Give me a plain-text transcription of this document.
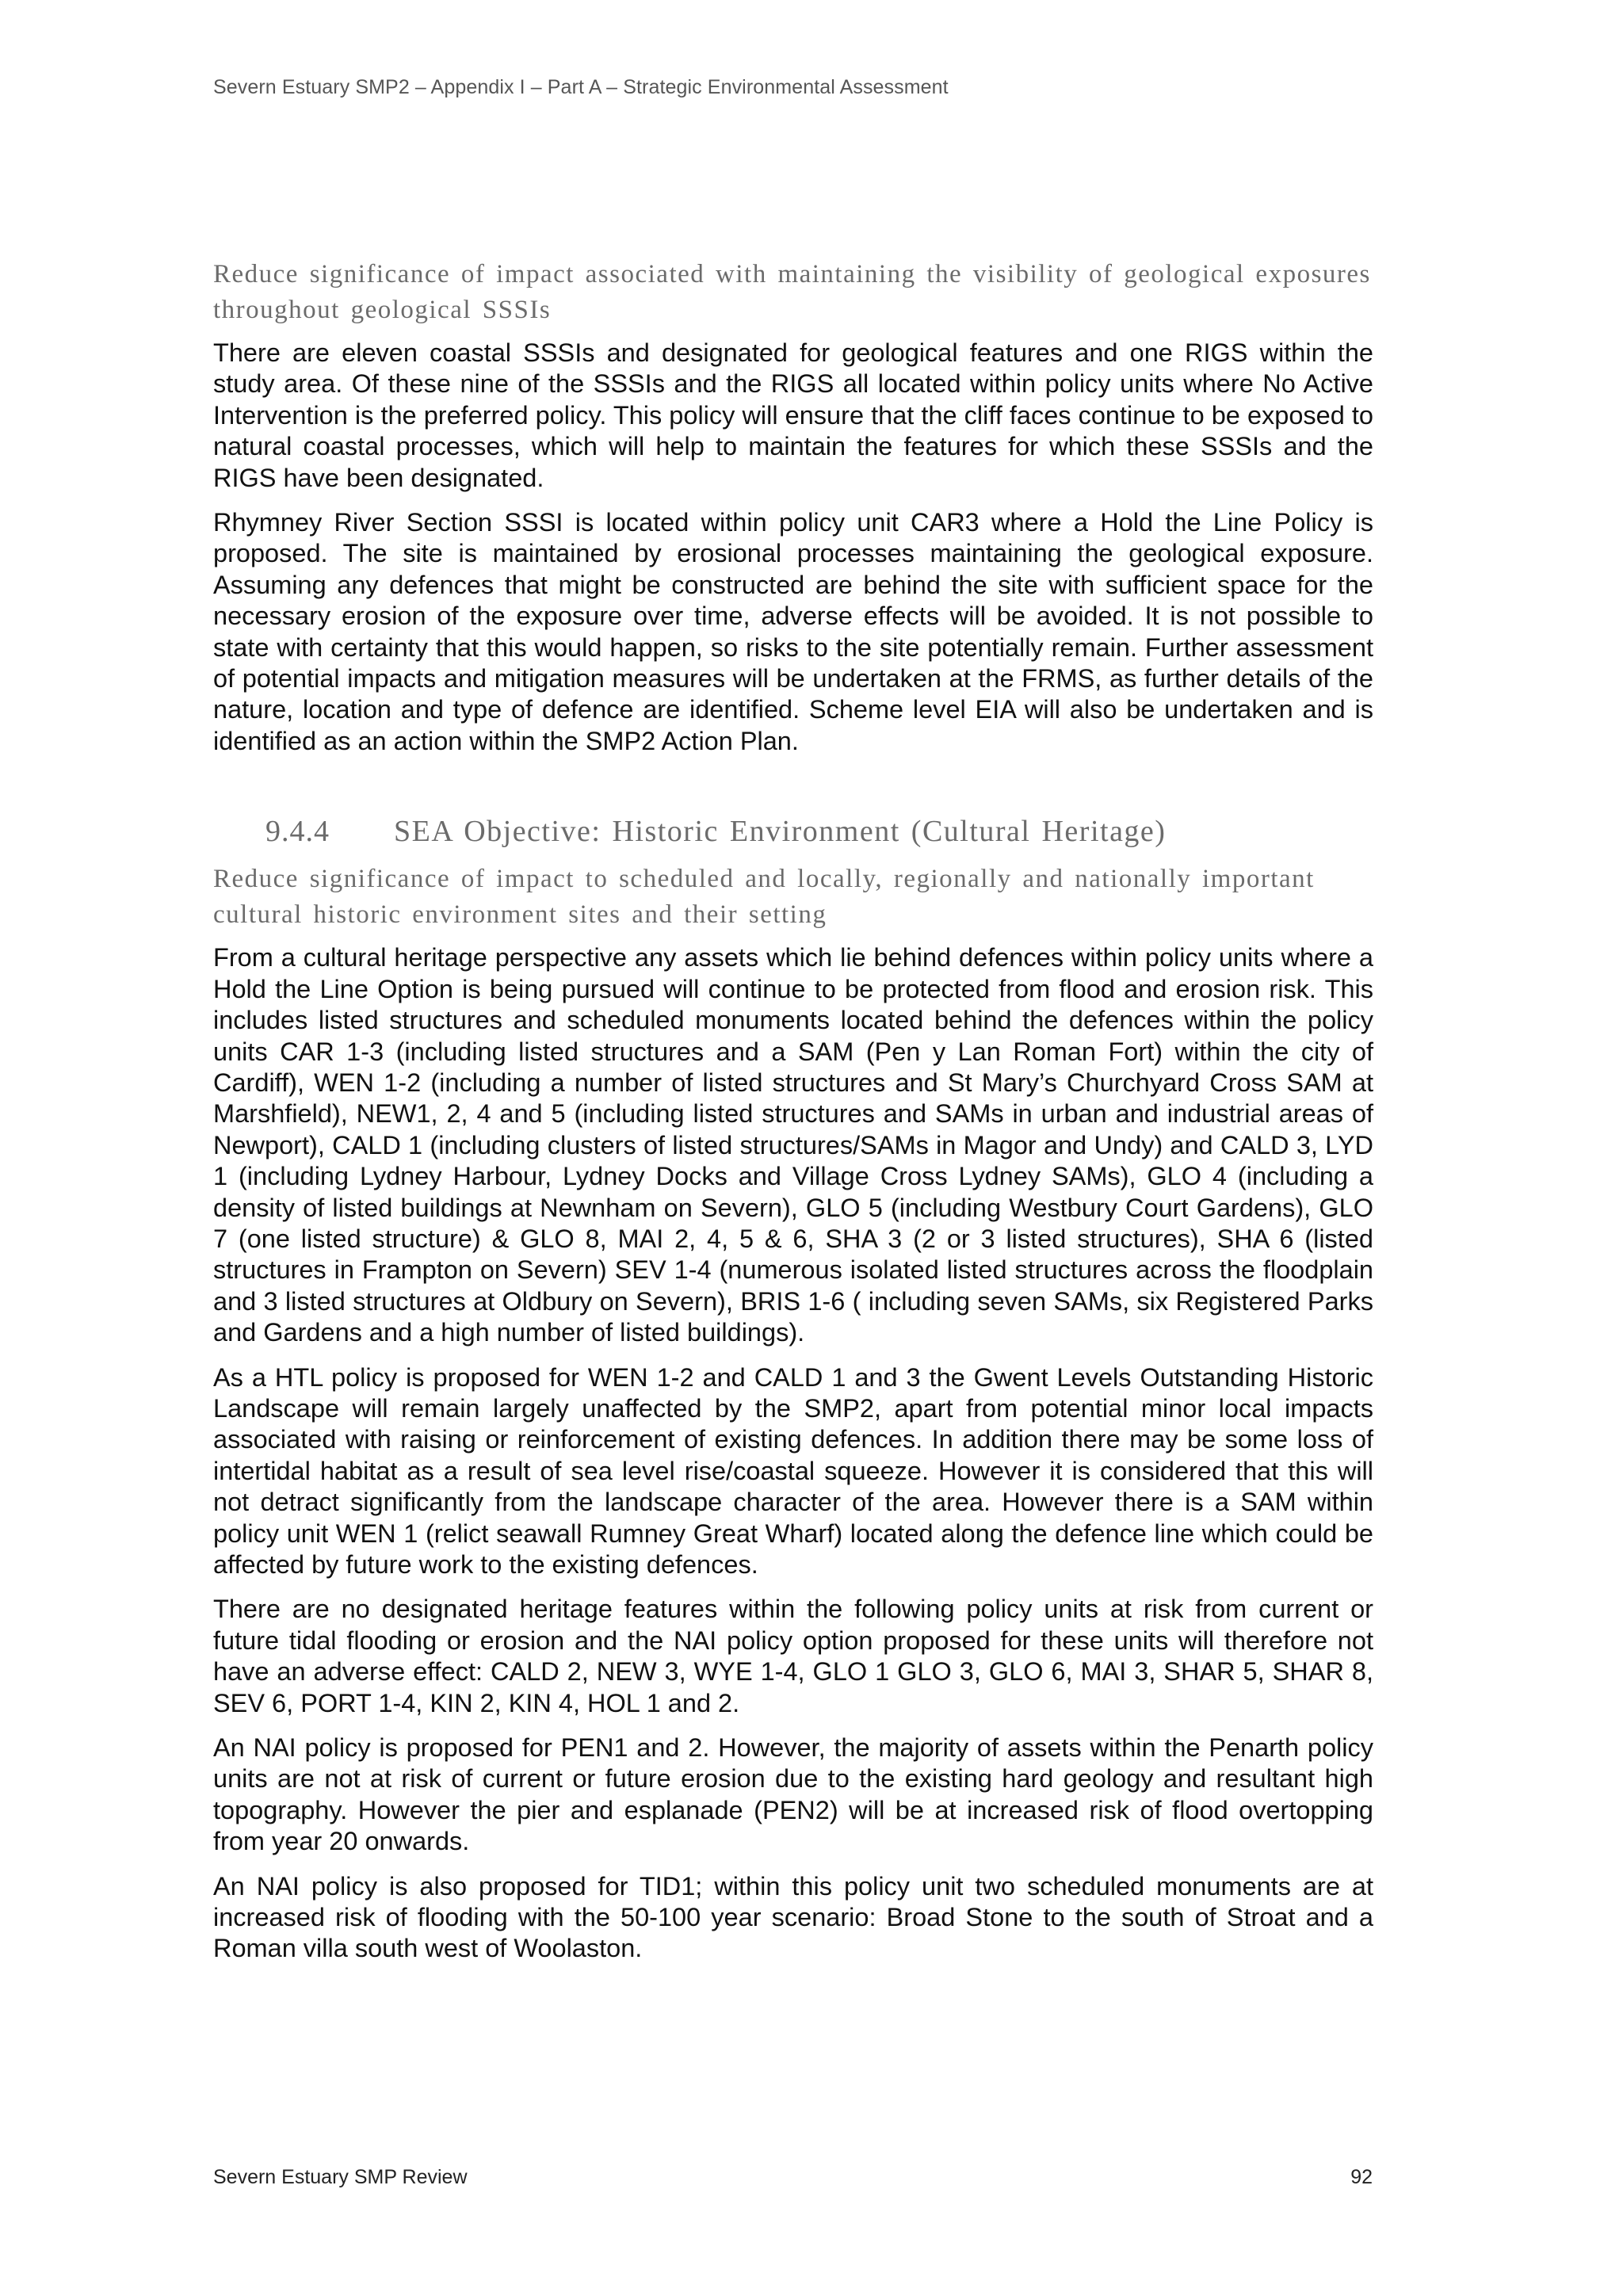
Severn Estuary SMP2 – Appendix I – Part A – Strategic Environmental Assessment
Reduce significance of impact associated with maintaining the visibility of geological exposures throughout geological SSSIs

There are eleven coastal SSSIs and designated for geological features and one RIGS within the study area. Of these nine of the SSSIs and the RIGS all located within policy units where No Active Intervention is the preferred policy. This policy will ensure that the cliff faces continue to be exposed to natural coastal processes, which will help to maintain the features for which these SSSIs and the RIGS have been designated.

Rhymney River Section SSSI is located within policy unit CAR3 where a Hold the Line Policy is proposed. The site is maintained by erosional processes maintaining the geological exposure. Assuming any defences that might be constructed are behind the site with sufficient space for the necessary erosion of the exposure over time, adverse effects will be avoided. It is not possible to state with certainty that this would happen, so risks to the site potentially remain. Further assessment of potential impacts and mitigation measures will be undertaken at the FRMS, as further details of the nature, location and type of defence are identified. Scheme level EIA will also be undertaken and is identified as an action within the SMP2 Action Plan.

9.4.4 SEA Objective: Historic Environment (Cultural Heritage)
Reduce significance of impact to scheduled and locally, regionally and nationally important cultural historic environment sites and their setting

From a cultural heritage perspective any assets which lie behind defences within policy units where a Hold the Line Option is being pursued will continue to be protected from flood and erosion risk. This includes listed structures and scheduled monuments located behind the defences within the policy units CAR 1-3 (including listed structures and a SAM (Pen y Lan Roman Fort) within the city of Cardiff), WEN 1-2 (including a number of listed structures and St Mary’s Churchyard Cross SAM at Marshfield), NEW1, 2, 4 and 5 (including listed structures and SAMs in urban and industrial areas of Newport), CALD 1 (including clusters of listed structures/SAMs in Magor and Undy) and CALD 3, LYD 1 (including Lydney Harbour, Lydney Docks and Village Cross Lydney SAMs), GLO 4 (including a density of listed buildings at Newnham on Severn), GLO 5 (including Westbury Court Gardens), GLO 7 (one listed structure) & GLO 8, MAI 2, 4, 5 & 6, SHA 3 (2 or 3 listed structures), SHA 6 (listed structures in Frampton on Severn) SEV 1-4 (numerous isolated listed structures across the floodplain and 3 listed structures at Oldbury on Severn), BRIS 1-6 ( including seven SAMs, six Registered Parks and Gardens and a high number of listed buildings).

As a HTL policy is proposed for WEN 1-2 and CALD 1 and 3 the Gwent Levels Outstanding Historic Landscape will remain largely unaffected by the SMP2, apart from potential minor local impacts associated with raising or reinforcement of existing defences. In addition there may be some loss of intertidal habitat as a result of sea level rise/coastal squeeze. However it is considered that this will not detract significantly from the landscape character of the area. However there is a SAM within policy unit WEN 1 (relict seawall Rumney Great Wharf) located along the defence line which could be affected by future work to the existing defences.

There are no designated heritage features within the following policy units at risk from current or future tidal flooding or erosion and the NAI policy option proposed for these units will therefore not have an adverse effect: CALD 2, NEW 3, WYE 1-4, GLO 1 GLO 3, GLO 6, MAI 3, SHAR 5, SHAR 8, SEV 6, PORT 1-4, KIN 2, KIN 4, HOL 1 and 2.

An NAI policy is proposed for PEN1 and 2. However, the majority of assets within the Penarth policy units are not at risk of current or future erosion due to the existing hard geology and resultant high topography. However the pier and esplanade (PEN2) will be at increased risk of flood overtopping from year 20 onwards.

An NAI policy is also proposed for TID1; within this policy unit two scheduled monuments are at increased risk of flooding with the 50-100 year scenario: Broad Stone to the south of Stroat and a Roman villa south west of Woolaston.

Severn Estuary SMP Review	92
